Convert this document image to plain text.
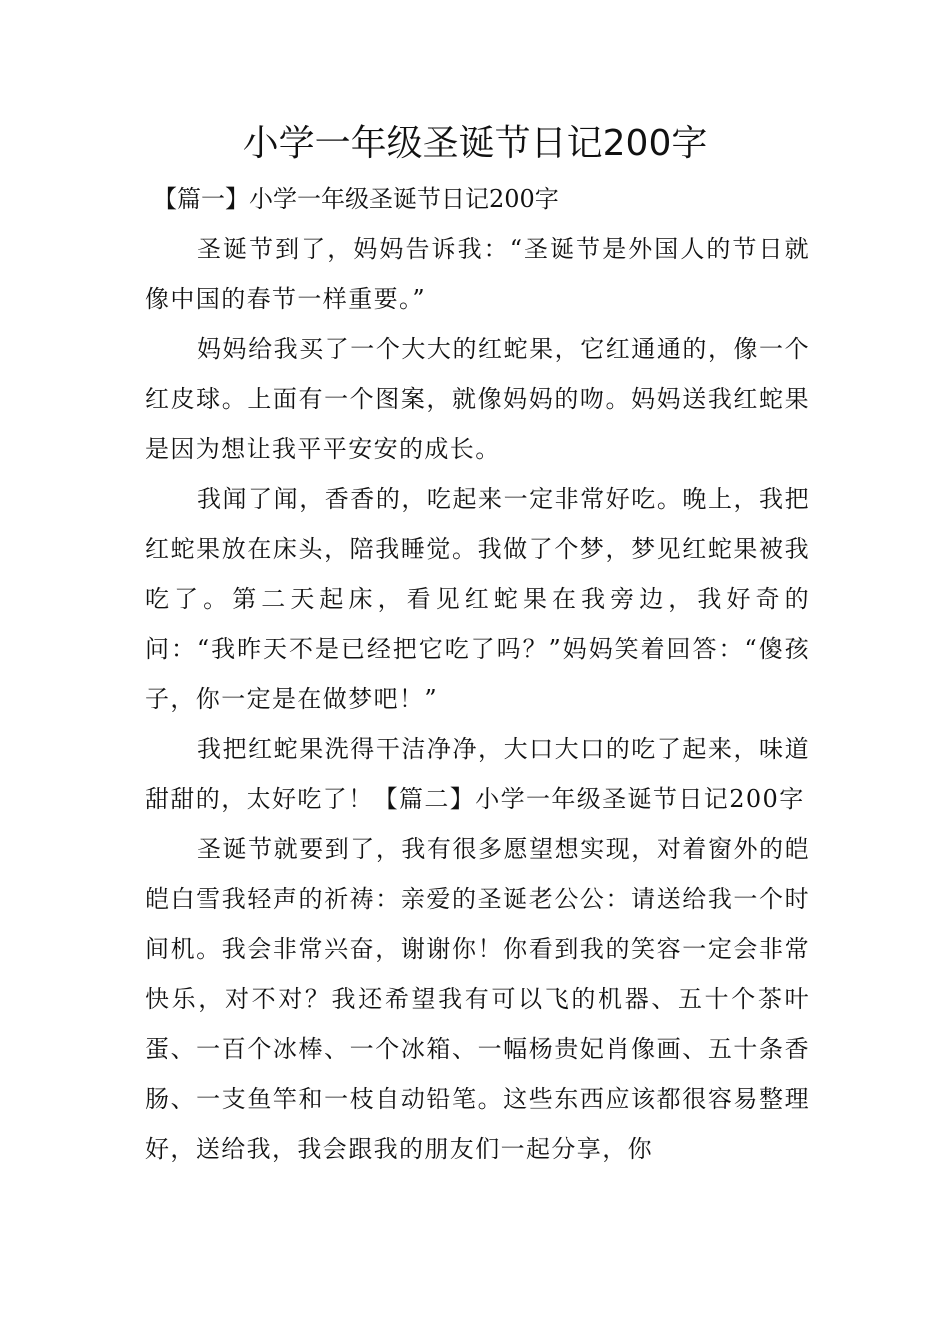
小学一年级圣诞节日记200字

【篇一】小学一年级圣诞节日记200字

圣诞节到了，妈妈告诉我：“圣诞节是外国人的节日就像中国的春节一样重要。”

妈妈给我买了一个大大的红蛇果，它红通通的，像一个红皮球。上面有一个图案，就像妈妈的吻。妈妈送我红蛇果是因为想让我平平安安的成长。

我闻了闻，香香的，吃起来一定非常好吃。晚上，我把红蛇果放在床头，陪我睡觉。我做了个梦，梦见红蛇果被我吃了。第二天起床，看见红蛇果在我旁边，我好奇的问：“我昨天不是已经把它吃了吗？”妈妈笑着回答：“傻孩子，你一定是在做梦吧！”

我把红蛇果洗得干洁净净，大口大口的吃了起来，味道甜甜的，太好吃了！【篇二】小学一年级圣诞节日记200字

圣诞节就要到了，我有很多愿望想实现，对着窗外的皑皑白雪我轻声的祈祷：亲爱的圣诞老公公：请送给我一个时间机。我会非常兴奋，谢谢你！你看到我的笑容一定会非常快乐，对不对？我还希望我有可以飞的机器、五十个茶叶蛋、一百个冰棒、一个冰箱、一幅杨贵妃肖像画、五十条香肠、一支鱼竿和一枝自动铅笔。这些东西应该都很容易整理好，送给我，我会跟我的朋友们一起分享，你
